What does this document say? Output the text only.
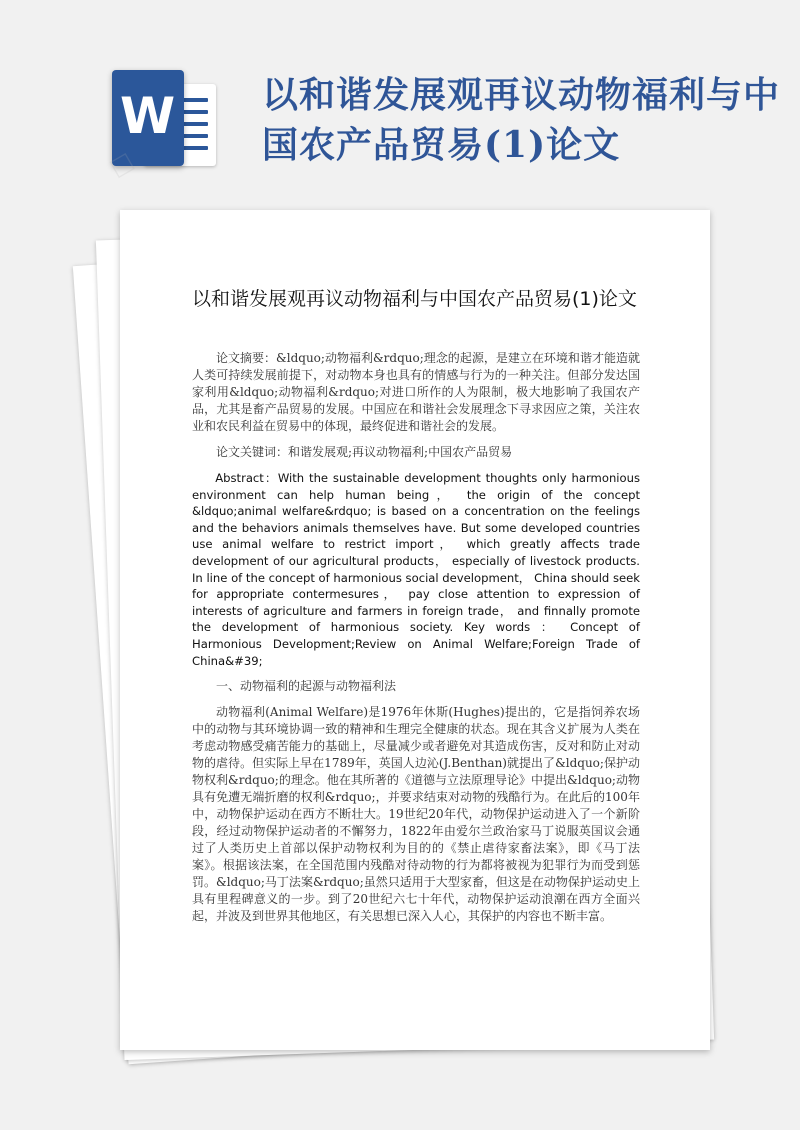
W 以和谐发展观再议动物福利与中国农产品贸易(1)论文
以和谐发展观再议动物福利与中国农产品贸易(1)论文

论文摘要：&ldquo;动物福利&rdquo;理念的起源，是建立在环境和谐才能造就人类可持续发展前提下，对动物本身也具有的情感与行为的一种关注。但部分发达国家利用&ldquo;动物福利&rdquo;对进口所作的人为限制，极大地影响了我国农产品，尤其是畜产品贸易的发展。中国应在和谐社会发展理念下寻求因应之策，关注农业和农民利益在贸易中的体现，最终促进和谐社会的发展。

论文关键词：和谐发展观;再议动物福利;中国农产品贸易

Abstract：With the sustainable development thoughts only harmonious environment can help human being， the origin of the concept &ldquo;animal welfare&rdquo; is based on a concentration on the feelings and the behaviors animals themselves have. But some developed countries use animal welfare to restrict import， which greatly affects trade development of our agricultural products， especially of livestock products. In line of the concept of harmonious social development， China should seek for appropriate contermesures， pay close attention to expression of interests of agriculture and farmers in foreign trade， and finnally promote the development of harmonious society. Key words ： Concept of Harmonious Development;Review on Animal Welfare;Foreign Trade of China&#39;

一、动物福利的起源与动物福利法

动物福利(Animal Welfare)是1976年休斯(Hughes)提出的，它是指饲养农场中的动物与其环境协调一致的精神和生理完全健康的状态。现在其含义扩展为人类在考虑动物感受痛苦能力的基础上，尽量减少或者避免对其造成伤害，反对和防止对动物的虐待。但实际上早在1789年，英国人边沁(J.Benthan)就提出了&ldquo;保护动物权利&rdquo;的理念。他在其所著的《道德与立法原理导论》中提出&ldquo;动物具有免遭无端折磨的权利&rdquo;，并要求结束对动物的残酷行为。在此后的100年中，动物保护运动在西方不断壮大。19世纪20年代，动物保护运动进入了一个新阶段，经过动物保护运动者的不懈努力，1822年由爱尔兰政治家马丁说服英国议会通过了人类历史上首部以保护动物权利为目的的《禁止虐待家畜法案》，即《马丁法案》。根据该法案，在全国范围内残酷对待动物的行为都将被视为犯罪行为而受到惩罚。&ldquo;马丁法案&rdquo;虽然只适用于大型家畜，但这是在动物保护运动史上具有里程碑意义的一步。到了20世纪六七十年代，动物保护运动浪潮在西方全面兴起，并波及到世界其他地区，有关思想已深入人心，其保护的内容也不断丰富。
